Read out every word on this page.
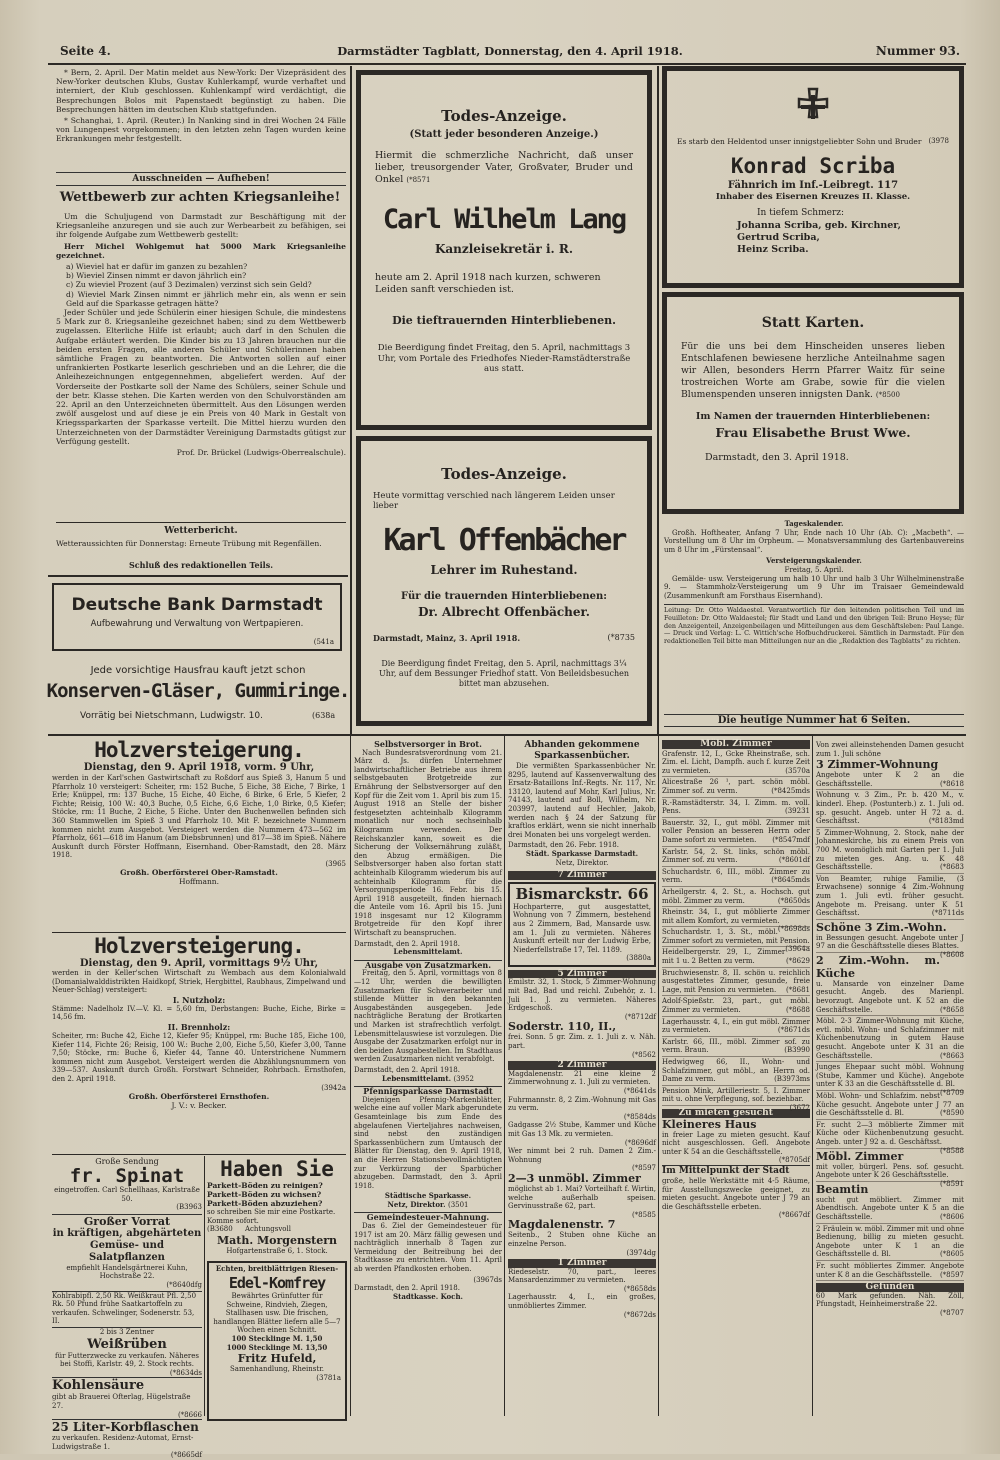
Seite 4.	Darmstädter Tagblatt, Donnerstag, den 4. April 1918.	Nummer 93.

* Bern, 2. April. Der Matin meldet aus New-York: Der Vizepräsident des New-Yorker deutschen Klubs, Gustav Kuhlerkampf, wurde verhaftet und interniert, der Klub geschlossen. Kuhlenkampf wird verdächtigt, die Besprechungen Bolos mit Papenstaedt begünstigt zu haben. Die Besprechungen hätten im deutschen Klub stattgefunden.

* Schanghai, 1. April. (Reuter.) In Nanking sind in drei Wochen 24 Fälle von Lungenpest vorgekommen; in den letzten zehn Tagen wurden keine Erkrankungen mehr festgestellt.

Ausschneiden — Aufheben!
Wettbewerb zur achten Kriegsanleihe!

Um die Schuljugend von Darmstadt zur Beschäftigung mit der Kriegsanleihe anzuregen und sie auch zur Werbearbeit zu befähigen, sei ihr folgende Aufgabe zum Wettbewerb gestellt:

Herr Michel Wohlgemut hat 5000 Mark Kriegsanleihe gezeichnet.

a) Wieviel hat er dafür im ganzen zu bezahlen?
b) Wieviel Zinsen nimmt er davon jährlich ein?
c) Zu wieviel Prozent (auf 3 Dezimalen) verzinst sich sein Geld?
d) Wieviel Mark Zinsen nimmt er jährlich mehr ein, als wenn er sein Geld auf die Sparkasse getragen hätte?

Jeder Schüler und jede Schülerin einer hiesigen Schule, die mindestens 5 Mark zur 8. Kriegsanleihe gezeichnet haben; sind zu dem Wettbewerb zugelassen. Elterliche Hilfe ist erlaubt; auch darf in den Schulen die Aufgabe erläutert werden. Die Kinder bis zu 13 Jahren brauchen nur die beiden ersten Fragen, alle anderen Schüler und Schülerinnen haben sämtliche Fragen zu beantworten. Die Antworten sollen auf einer unfrankierten Postkarte leserlich geschrieben und an die Lehrer, die die Anleihezeichnungen entgegennehmen, abgeliefert werden. Auf der Vorderseite der Postkarte soll der Name des Schülers, seiner Schule und der betr. Klasse stehen. Die Karten werden von den Schulvorständen am 22. April an den Unterzeichneten übermittelt. Aus den Lösungen werden zwölf ausgelost und auf diese je ein Preis von 40 Mark in Gestalt von Kriegssparkarten der Sparkasse verteilt. Die Mittel hierzu wurden den Unterzeichneten von der Darmstädter Vereinigung Darmstadts gütigst zur Verfügung gestellt.

Prof. Dr. Brückel (Ludwigs-Oberrealschule).
Wetterbericht.
Wetteraussichten für Donnerstag: Erneute Trübung mit Regenfällen.
Schluß des redaktionellen Teils.
Deutsche Bank Darmstadt
Aufbewahrung und Verwaltung von Wertpapieren.
(541a
Jede vorsichtige Hausfrau kauft jetzt schon
Konserven-Gläser, Gummiringe.
Vorrätig bei Nietschmann, Ludwigstr. 10.	(638a
Todes-Anzeige.
(Statt jeder besonderen Anzeige.)
Hiermit die schmerzliche Nachricht, daß unser lieber, treusorgender Vater, Großvater, Bruder und Onkel (*8571
Carl Wilhelm Lang
Kanzleisekretär i. R.
heute am 2. April 1918 nach kurzen, schweren Leiden sanft verschieden ist.
Die tieftrauernden Hinterbliebenen.
Die Beerdigung findet Freitag, den 5. April, nachmittags 3 Uhr, vom Portale des Friedhofes Nieder-Ramstädterstraße aus statt.
Todes-Anzeige.
Heute vormittag verschied nach längerem Leiden unser lieber
Karl Offenbächer
Lehrer im Ruhestand.
Für die trauernden Hinterbliebenen:
Dr. Albrecht Offenbächer.
Darmstadt, Mainz, 3. April 1918.	(*8735
Die Beerdigung findet Freitag, den 5. April, nachmittags 3¼ Uhr, auf dem Bessunger Friedhof statt. Von Beileidsbesuchen bittet man abzusehen.
Es starb den Heldentod unser innigstgeliebter Sohn und Bruder (3978
Konrad Scriba
Fähnrich im Inf.-Leibregt. 117
Inhaber des Eisernen Kreuzes II. Klasse.
In tiefem Schmerz:
Johanna Scriba, geb. Kirchner,
Gertrud Scriba,
Heinz Scriba.
Statt Karten.
Für die uns bei dem Hinscheiden unseres lieben Entschlafenen bewiesene herzliche Anteilnahme sagen wir Allen, besonders Herrn Pfarrer Waitz für seine trostreichen Worte am Grabe, sowie für die vielen Blumenspenden unseren innigsten Dank. (*8500
Im Namen der trauernden Hinterbliebenen:
Frau Elisabethe Brust Wwe.
Darmstadt, den 3. April 1918.
Tageskalender.

Großh. Hoftheater, Anfang 7 Uhr, Ende nach 10 Uhr (Ab. C): „Macbeth“. — Vorstellung um 8 Uhr im Orpheum. — Monatsversammlung des Gartenbauvereins um 8 Uhr im „Fürstensaal“.

Versteigerungskalender.
Freitag, 5. April.

Gemälde- usw. Versteigerung um halb 10 Uhr und halb 3 Uhr Wilhelminenstraße 9. — Stammholz-Versteigerung um 9 Uhr im Traisaer Gemeindewald (Zusammenkunft am Forsthaus Eisernhand).

Leitung: Dr. Otto Waldaestel. Verantwortlich für den leitenden politischen Teil und im Feuilleton: Dr. Otto Waldaestel; für Stadt und Land und den übrigen Teil: Bruno Heyse; für den Anzeigenteil, Anzeigenbeilagen und Mitteilungen aus dem Geschäftsleben: Paul Lange. — Druck und Verlag: L. C. Wittich'sche Hofbuchdruckerei. Sämtlich in Darmstadt. Für den redaktionellen Teil bitte man Mitteilungen nur an die „Redaktion des Tagblatts“ zu richten.
Die heutige Nummer hat 6 Seiten.
Holzversteigerung.
Dienstag, den 9. April 1918, vorm. 9 Uhr,
werden in der Karl'schen Gastwirtschaft zu Roßdorf aus Spieß 3, Hanum 5 und Pfarrholz 10 versteigert: Scheiter, rm: 152 Buche, 5 Eiche, 38 Eiche, 7 Birke, 1 Erle; Knüppel, rm: 137 Buche, 15 Eiche, 40 Eiche, 6 Birke, 6 Erle, 5 Kiefer, 2 Fichte; Reisig, 100 W.: 40,3 Buche, 0,5 Eiche, 6,6 Eiche, 1,0 Birke, 0,5 Kiefer; Stöcke, rm: 11 Buche, 2 Eiche, 5 Eiche. Unter den Buchenwellen befinden sich 360 Stammwellen im Spieß 3 und Pfarrholz 10. Mit F. bezeichnete Nummern kommen nicht zum Ausgebot. Versteigert werden die Nummern 473—562 im Pfarrholz, 661—618 im Hanum (am Diebsbrunnen) und 817—38 im Spieß. Nähere Auskunft durch Förster Hoffmann, Eisernhand. Ober-Ramstadt, den 28. März 1918.
(3965
Großh. Oberförsterei Ober-Ramstadt.
Hoffmann.
Holzversteigerung.
Dienstag, den 9. April, vormittags 9½ Uhr,
werden in der Keller'schen Wirtschaft zu Wembach aus dem Kolonialwald (Domanialwalddistrikten Haidkopf, Striek, Hergbittel, Raubhaus, Zimpelwand und Neuer-Schlag) versteigert:
I. Nutzholz:
Stämme: Nadelholz IV.—V. Kl. = 5,60 fm, Derbstangen: Buche, Eiche, Birke = 14,56 fm.
II. Brennholz:
Scheiter, rm: Buche 42, Eiche 12, Kiefer 95; Knüppel, rm: Buche 185, Eiche 100, Kiefer 114, Fichte 26; Reisig, 100 W.: Buche 2,00, Eiche 5,50, Kiefer 3,00, Tanne 7,50; Stöcke, rm: Buche 6, Kiefer 44, Tanne 40. Unterstrichene Nummern kommen nicht zum Ausgebot. Versteigert werden die Abzählungsnummern von 339—537. Auskunft durch Großh. Forstwart Schneider, Rohrbach. Ernsthofen, den 2. April 1918.
(3942a
Großh. Oberförsterei Ernsthofen.
J. V.: v. Becker.
Große Sendung
fr. Spinat
eingetroffen. Carl Schellhaas, Karlstraße 50.
(B3963
Großer Vorrat
in kräftigen, abgehärteten Gemüse- und Salatpflanzen
empfiehlt Handelsgärtnerei Kuhn, Hochstraße 22.
(*8640dfg
Kohlrabipfl. 2,50 Rk. Weißkraut Pfl. 2,50 Rk. 50 Pfund frühe Saatkartoffeln zu verkaufen. Schwelinger, Sodenerstr. 53, II.
2 bis 3 Zentner
Weißrüben
für Futterzwecke zu verkaufen. Näheres bei Stoffi, Karlstr. 49, 2. Stock rechts.
(*8634ds
Kohlensäure
gibt ab Brauerei Ofterlag, Hügelstraße 27.
(*8666
25 Liter-Korbflaschen
zu verkaufen. Residenz-Automat, Ernst-Ludwigstraße 1.
(*8665df
Haben Sie
Parkett-Böden zu reinigen?
Parkett-Böden zu wichsen?
Parkett-Böden abzuziehen?
so schreiben Sie mir eine Postkarte. Komme sofort.
(B3680 Achtungsvoll
Math. Morgenstern
Hofgartenstraße 6, 1. Stock.
Echten, breitblättrigen Riesen-
Edel-Komfrey
Bewährtes Grünfutter für Schweine, Rindvieh, Ziegen, Stallhasen usw. Die frischen, handlangen Blätter liefern alle 5—7 Wochen einen Schnitt.
100 Stecklinge M. 1,50
1000 Stecklinge M. 13,50
Fritz Hufeld,
Samenhandlung, Rheinstr.
(3781a
Selbstversorger in Brot.

Nach Bundesratsverordnung vom 21. März d. Js. dürfen Unternehmer landwirtschaftlicher Betriebe aus ihrem selbstgebauten Brotgetreide zur Ernährung der Selbstversorger auf den Kopf für die Zeit vom 1. April bis zum 15. August 1918 an Stelle der bisher festgesetzten achteinhalb Kilogramm monatlich nur noch sechseinhalb Kilogramm verwenden. Der Reichskanzler kann, soweit es die Sicherung der Volksernährung zuläßt, den Abzug ermäßigen. Die Selbstversorger haben also fortan statt achteinhalb Kilogramm wiederum bis auf achteinhalb Kilogramm für die Versorgungsperiode 16. Febr. bis 15. April 1918 ausgeteilt, finden hiernach die Anteile vom 16. April bis 15. Juni 1918 insgesamt nur 12 Kilogramm Brotgetreide für den Kopf ihrer Wirtschaft zu beanspruchen.

Darmstadt, den 2. April 1918.
Lebensmittelamt.
Ausgabe von Zusatzmarken.

Freitag, den 5. April, vormittags von 8—12 Uhr, werden die bewilligten Zusatzmarken für Schwerarbeiter und stillende Mütter in den bekannten Ausgabeständen ausgegeben. Jede nachträgliche Beratung der Brotkarten und Marken ist strafrechtlich verfolgt. Lebensmittelauswiese ist vorzulegen. Die Ausgabe der Zusatzmarken erfolgt nur in den beiden Ausgabestellen. Im Stadthaus werden Zusatzmarken nicht verabfolgt.

Darmstadt, den 2. April 1918.
Lebensmittelamt. (3952
Pfennigsparkasse Darmstadt

Diejenigen Pfennig-Markenblätter, welche eine auf voller Mark abgerundete Gesamteinlage bis zum Ende des abgelaufenen Vierteljahres nachweisen, sind nebst den zuständigen Sparkassenbüchern zum Umtausch der Blätter für Dienstag, den 9. April 1918, an die Herren Stationsbevollmächtigten zur Verkürzung der Sparbücher abzugeben. Darmstadt, den 3. April 1918.

Städtische Sparkasse.
Netz, Direktor. (3501
Gemeindesteuer-Mahnung.

Das 6. Ziel der Gemeindesteuer für 1917 ist am 20. März fällig gewesen und nachträglich innerhalb 8 Tagen zur Vermeidung der Beitreibung bei der Stadtkasse zu entrichten. Vom 11. April ab werden Pfandkosten erhoben.

(3967ds
Darmstadt, den 2. April 1918.
Stadtkasse. Koch.
Abhanden gekommene Sparkassenbücher.

Die vermißten Sparkassenbücher Nr. 8295, lautend auf Kassenverwaltung des Ersatz-Bataillons Inf.-Regts. Nr. 117, Nr. 13120, lautend auf Mohr, Karl Julius, Nr. 74143, lautend auf Boll, Wilhelm, Nr. 203997, lautend auf Hechler, Jakob, werden nach § 24 der Satzung für kraftlos erklärt, wenn sie nicht innerhalb drei Monaten bei uns vorgelegt werden.

Darmstadt, den 26. Febr. 1918.
Städt. Sparkasse Darmstadt.
Netz, Direktor.
7 Zimmer
Bismarckstr. 66
Hochparterre, gut ausgestattet, Wohnung von 7 Zimmern, bestehend aus 2 Zimmern, Bad, Mansarde usw. am 1. Juli zu vermieten. Näheres Auskunft erteilt nur der Ludwig Erbe, Niederfellstraße 17, Tel. 1189.
(3880a
5 Zimmer
Emilstr. 32, 1. Stock, 5 Zimmer-Wohnung mit Bad, Bad und reichl. Zubehör, z. 1. Juli 1. J. zu vermieten. Näheres Erdgeschoß.
(*8712df
Soderstr. 110, II.,
frei. Sonn. 5 gr. Zim. z. 1. Juli z. v. Näh. part.
(*8562
2 Zimmer
Magdalenenstr. 21 eine kleine 2 Zimmerwohnung z. 1. Juli zu vermieten.
(*8641ds
Fuhrmannstr. 8, 2 Zim.-Wohnung mit Gas zu verm.
(*8584ds
Gadgasse 2½ Stube, Kammer und Küche mit Gas 13 Mk. zu vermieten.
(*8696df
Wer nimmt bei 2 ruh. Damen 2 Zim.-Wohnung
(*8597
2—3 unmöbl. Zimmer
möglichst ab 1. Mai? Vorteilhaft f. Wirtin, welche außerhalb speisen. Gervinusstraße 62, part.
(*8585
Magdalenenstr. 7
Seitenb., 2 Stuben ohne Küche an einzelne Person.
(3974dg
1 Zimmer
Riedeselstr. 70, part., leeres Mansardenzimmer zu vermieten.
(*8658ds
Lagerhausstr. 4, I., ein großes, unmöbliertes Zimmer.
(*8672ds
Möbl. Zimmer
Grafenstr. 12, I., Gcke Rheinstraße, sch. Zim. el. Licht, Dampfh. auch f. kurze Zeit zu vermieten.	(3570a
Alicestraße 26 ¹, part. schön möbl. Zimmer sof. zu verm.	(*8425mds
R.-Ramstädterstr. 34, I. Zimm. m. voll. Pens.	(39231
Bauerstr. 32, I., gut möbl. Zimmer mit voller Pension an besseren Herrn oder Dame sofort zu vermieten. (*8547mdf
Karlstr. 54, 2. St. links, schön möbl. Zimmer sof. zu verm.	(*8601df
Schuchardstr. 6, III., möbl. Zimmer zu verm.	(*8645mds
Arheilgerstr. 4, 2. St., a. Hochsch. gut möbl. Zimmer zu verm.	(*8650ds
Rheinstr. 34, I., gut möblierte Zimmer mit allem Komfort, zu vermieten.
(*8698ds
Schuchardstr. 1, 3. St., möbl. Zimmer sofort zu vermieten, mit Pension.
(3964a
Heidelbergerstr. 29, I., Zimmer mit 1 u. 2 Betten zu verm.	(*8629
Bruchwiesenstr. 8, II. schön u. reichlich ausgestattetes Zimmer, gesunde, freie Lage, mit Pension zu vermieten. (*8681
Adolf-Spießstr. 23, part., gut möbl. Zimmer zu vermieten.	(*8688
Lagerhausstr. 4, I., ein gut möbl. Zimmer zu vermieten.	(*8671ds
Karlstr. 66, III., möbl. Zimmer sof. zu verm. Braun.	(B3990
Hedwigweg 66, II., Wohn- und Schlafzimmer, gut möbl., an Herrn od. Dame zu verm.	(B3973ms
Pension Mink, Artilleriestr. 5, I. Zimmer mit u. ohne Verpflegung, sof. beziehbar.
(3672
Zu mieten gesucht
Kleineres Haus
in freier Lage zu mieten gesucht. Kauf nicht ausgeschlossen. Gefl. Angebote unter K 54 an die Geschäftsstelle.
(*8705df
Im Mittelpunkt der Stadt
große, helle Werkstätte mit 4-5 Räume, für Ausstellungszwecke geeignet, zu mieten gesucht. Angebote unter J 79 an die Geschäftsstelle erbeten.
(*8667df
Von zwei alleinstehenden Damen gesucht zum 1. Juli schöne
3 Zimmer-Wohnung
Angebote unter K 2 an die Geschäftsstelle.	(*8618
Wohnung v. 3 Zim., Pr. b. 420 M., v. kinderl. Ehep. (Postunterb.) z. 1. Juli od. sp. gesucht. Angeb. unter H 72 a. d. Geschäftsst.	(*8183md
5 Zimmer-Wohnung, 2. Stock, nahe der Johanneskirche, bis zu einem Preis von 700 M. womöglich mit Garten per 1. Juli zu mieten ges. Ang. u. K 48 Geschäftsstelle.	(*8683
Von Beamter, ruhige Familie, (3 Erwachsene) sonnige 4 Zim.-Wohnung zum 1. Juli evtl. früher gesucht. Angebote m. Preisang. unter K 51 Geschäftsst.	(*8711ds
Schöne 3 Zim.-Wohn.
in Bessungen gesucht. Angebote unter J 97 an die Geschäftsstelle dieses Blattes.
(*8608
2 Zim.-Wohn. m. Küche
u. Mansarde von einzelner Dame gesucht. Angeb. des Marienpl. bevorzugt. Angebote unt. K 52 an die Geschäftsstelle.	(*8658
Möbl. 2-3 Zimmer-Wohnung mit Küche, evtl. möbl. Wohn- und Schlafzimmer mit Küchenbenutzung in gutem Hause gesucht. Angebote unter K 31 an die Geschäftsstelle.	(*8663
Junges Ehepaar sucht möbl. Wohnung (Stube, Kammer und Küche). Angebote unter K 33 an die Geschäftsstelle d. Bl.
(*8709
Möbl. Wohn- und Schlafzim. nebst Küche gesucht. Angebote unter J 77 an die Geschäftsstelle d. Bl.	(*8590
Fr. sucht 2—3 möblierte Zimmer mit Küche oder Küchenbenutzung gesucht. Angeb. unter J 92 a. d. Geschäftsst.
(*8588
Möbl. Zimmer
mit voller, bürgerl. Pens. sof. gesucht. Angebote unter K 26 Geschäftsstelle.
(*8591
Beamtin
sucht gut möbliert. Zimmer mit Abendtisch. Angebote unter K 5 an die Geschäftsstelle.	(*8606
2 Fräulein w. möbl. Zimmer mit und ohne Bedienung, billig zu mieten gesucht. Angebote unter K 1 an die Geschäftsstelle d. Bl.	(*8605
Fr. sucht möbliertes Zimmer. Angebote unter K 8 an die Geschäftsstelle. (*8597
Gefunden
60 Mark gefunden. Näh. Zöll, Pfungstadt, Heinheimerstraße 22.
(*8707
